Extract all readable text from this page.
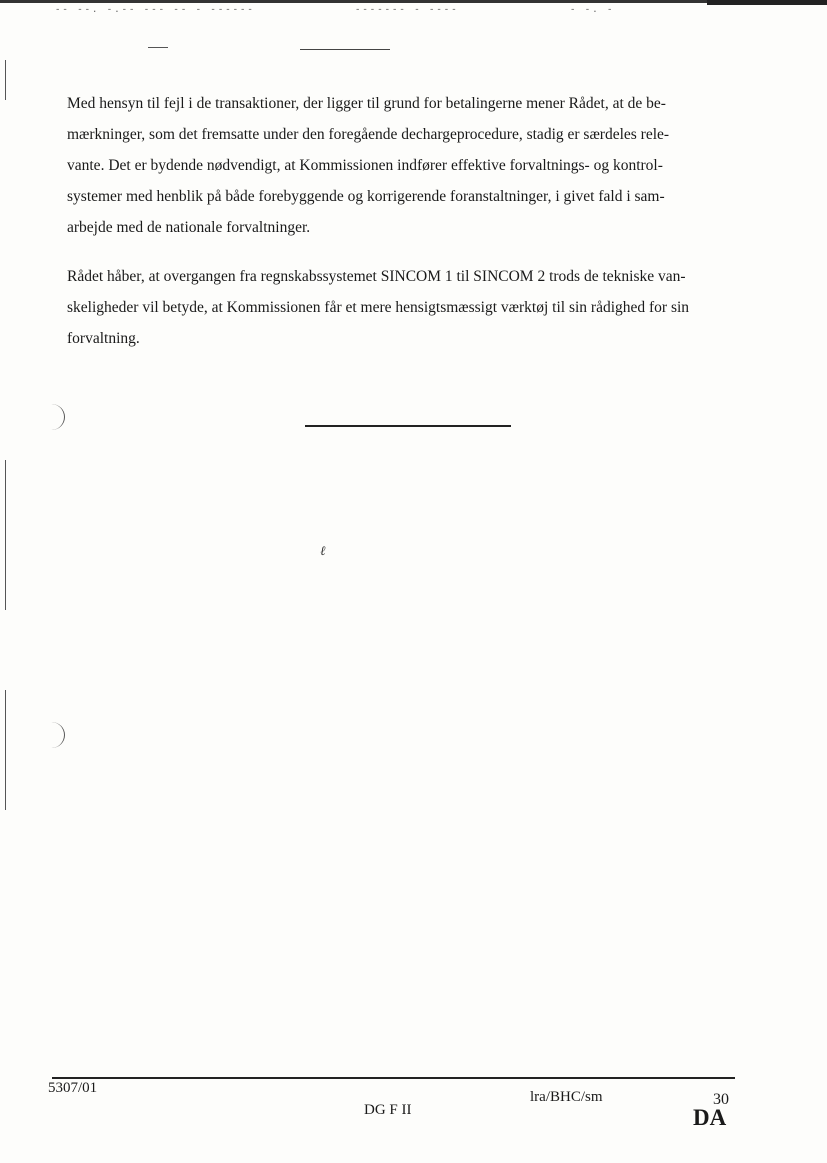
-- --. -.-- --- -- - ------	------- - ----	- -. -
Med hensyn til fejl i de transaktioner, der ligger til grund for betalingerne mener Rådet, at de be-
mærkninger, som det fremsatte under den foregående dechargeprocedure, stadig er særdeles rele-
vante. Det er bydende nødvendigt, at Kommissionen indfører effektive forvaltnings- og kontrol-
systemer med henblik på både forebyggende og korrigerende foranstaltninger, i givet fald i sam-
arbejde med de nationale forvaltninger.
Rådet håber, at overgangen fra regnskabssystemet SINCOM 1 til SINCOM 2 trods de tekniske van-
skeligheder vil betyde, at Kommissionen får et mere hensigtsmæssigt værktøj til sin rådighed for sin
forvaltning.
ℓ
5307/01
DG F II
lra/BHC/sm	30
DA
